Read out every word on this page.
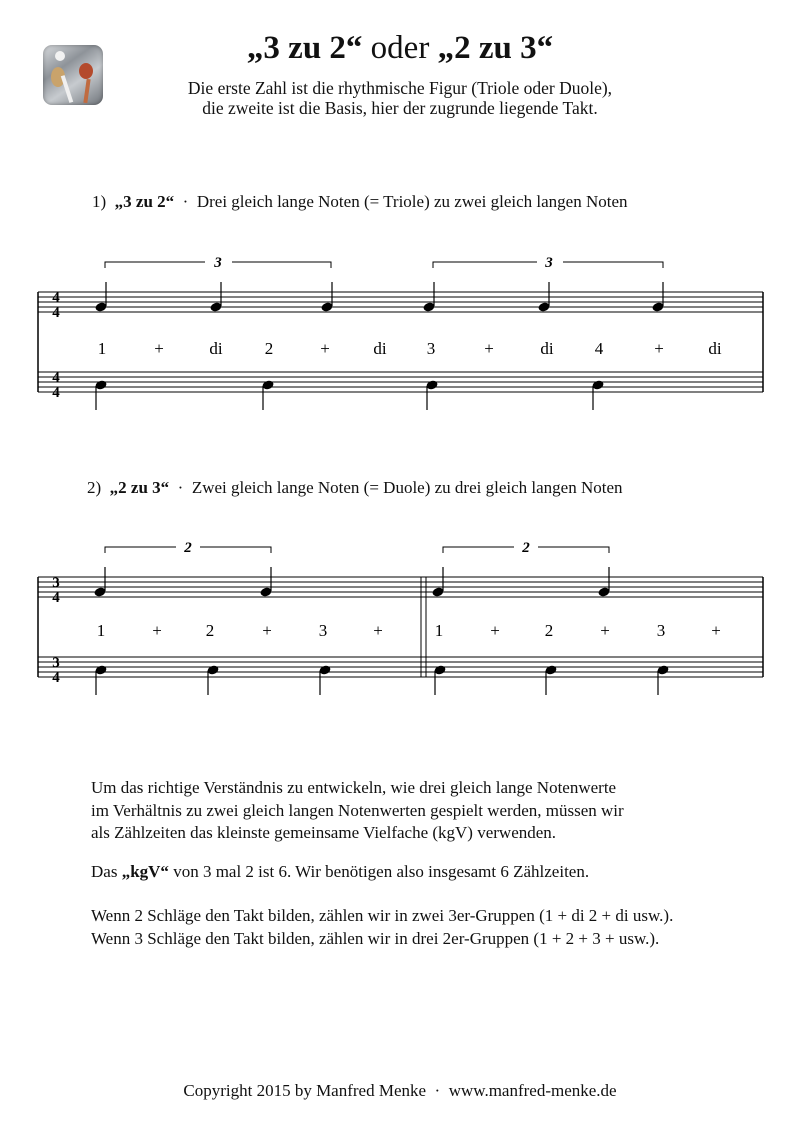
„3 zu 2“ oder „2 zu 3“
Die erste Zahl ist die rhythmische Figur (Triole oder Duole),
die zweite ist die Basis, hier der zugrunde liegende Takt.
1) „3 zu 2“ · Drei gleich lange Noten (= Triole) zu zwei gleich langen Noten
3	3
4
4
4
4
1	+	di 2	+	di 3	+	di 4	+	di
2) „2 zu 3“ · Zwei gleich lange Noten (= Duole) zu drei gleich langen Noten
2	2
3
4
3
4
1	+	2	+	3	+	1	+	2	+	3	+
Um das richtige Verständnis zu entwickeln, wie drei gleich lange Notenwerte
im Verhältnis zu zwei gleich langen Notenwerten gespielt werden, müssen wir
als Zählzeiten das kleinste gemeinsame Vielfache (kgV) verwenden.
Das „kgV“ von 3 mal 2 ist 6. Wir benötigen also insgesamt 6 Zählzeiten.
Wenn 2 Schläge den Takt bilden, zählen wir in zwei 3er-Gruppen (1 + di 2 + di usw.).
Wenn 3 Schläge den Takt bilden, zählen wir in drei 2er-Gruppen (1 + 2 + 3 + usw.).
Copyright 2015 by Manfred Menke  ·  www.manfred-menke.de
